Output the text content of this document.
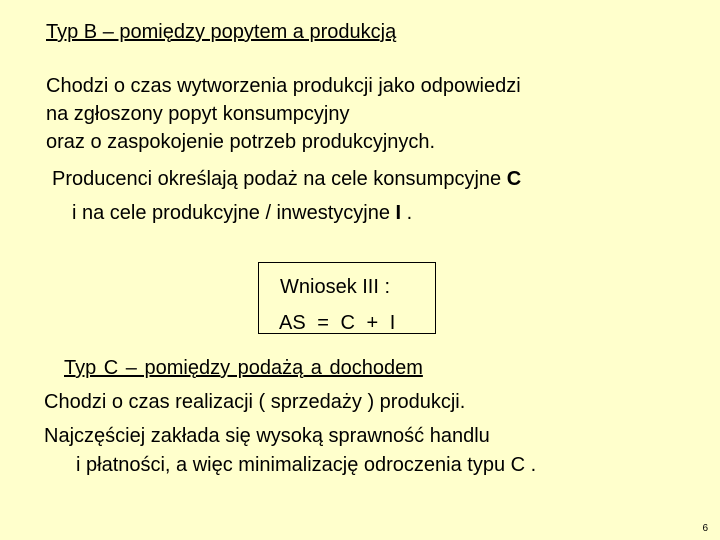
Typ B – pomiędzy popytem a produkcją
Chodzi o czas wytworzenia produkcji jako odpowiedzi
na zgłoszony popyt konsumpcyjny
oraz o zaspokojenie potrzeb produkcyjnych.
Producenci określają podaż na cele konsumpcyjne C
i na cele produkcyjne / inwestycyjne I .
Wniosek III :
AS = C + I
Typ C – pomiędzy podażą a dochodem
Chodzi o czas realizacji ( sprzedaży ) produkcji.
Najczęściej zakłada się wysoką sprawność handlu
i płatności, a więc minimalizację odroczenia typu C .
6
